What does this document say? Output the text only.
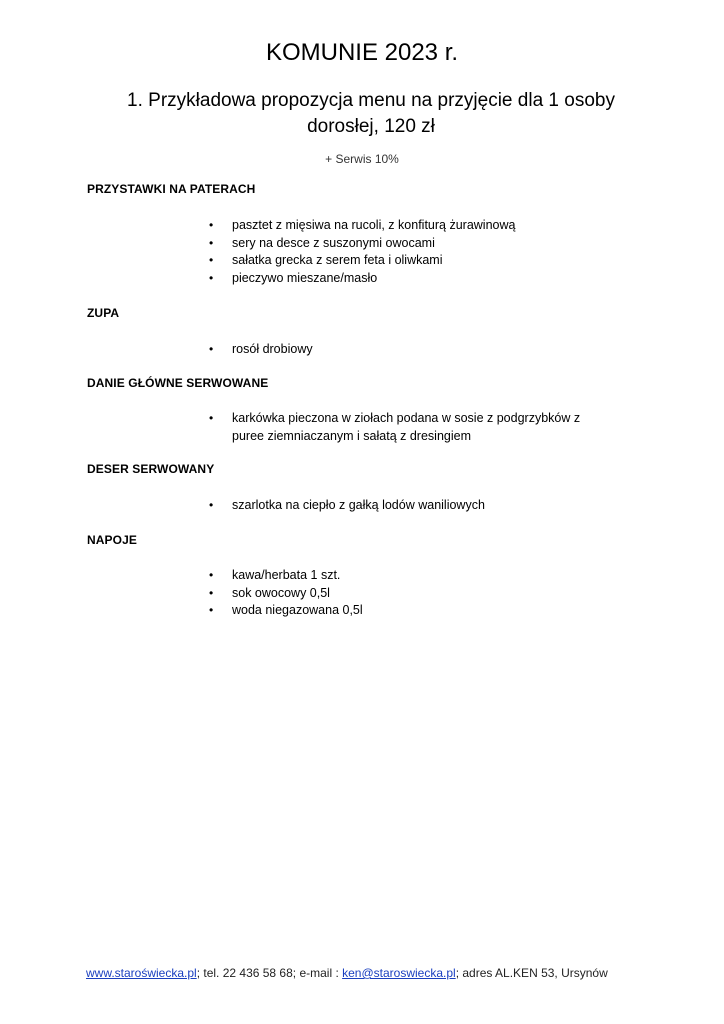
KOMUNIE 2023 r.
1. Przykładowa propozycja menu na przyjęcie dla 1 osoby dorosłej, 120 zł
+ Serwis 10%
PRZYSTAWKI NA PATERACH
• pasztet z mięsiwa na rucoli, z konfiturą żurawinową
• sery na desce z suszonymi owocami
• sałatka grecka z serem feta i oliwkami
• pieczywo mieszane/masło
ZUPA
• rosół drobiowy
DANIE GŁÓWNE SERWOWANE
• karkówka pieczona w ziołach podana w sosie z podgrzybków z puree ziemniaczanym i sałatą z dresingiem
DESER SERWOWANY
• szarlotka na ciepło z gałką lodów waniliowych
NAPOJE
• kawa/herbata 1 szt.
• sok owocowy 0,5l
• woda niegazowana 0,5l
www.staroświecka.pl; tel. 22 436 58 68; e-mail : ken@staroswiecka.pl; adres AL.KEN 53, Ursynów
